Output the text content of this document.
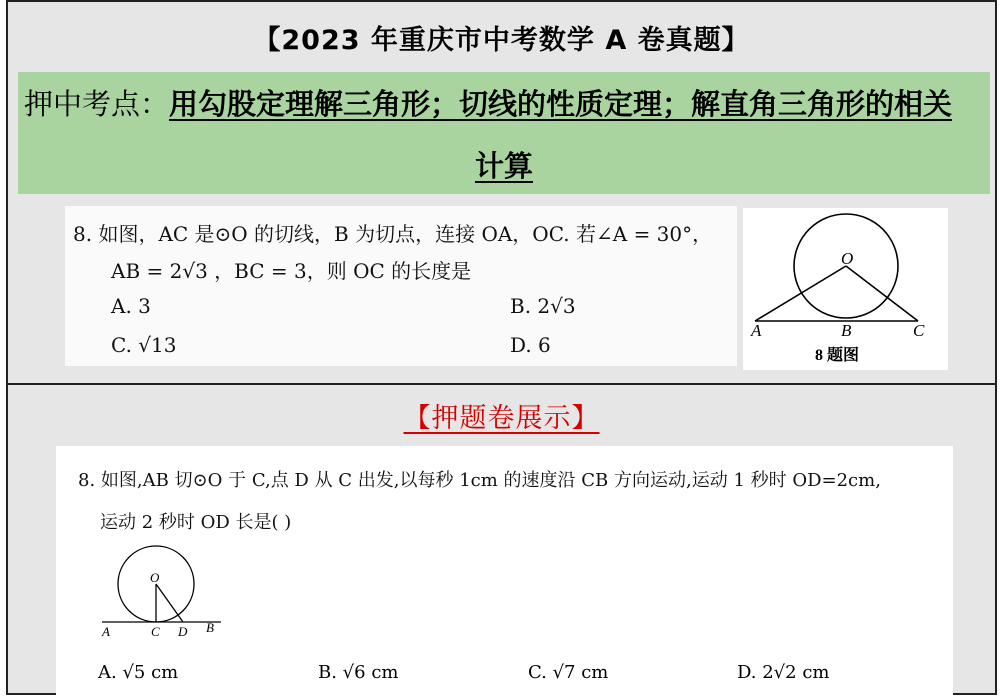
【2023 年重庆市中考数学 A 卷真题】
押中考点：用勾股定理解三角形；切线的性质定理；解直角三角形的相关
计算
8. 如图，AC 是⊙O 的切线，B 为切点，连接 OA，OC. 若∠A = 30°，
AB = 2√3 ，BC = 3，则 OC 的长度是
A. 3	B. 2√3
C. √13	D. 6
O
A	B	C
8 题图
【押题卷展示】
8. 如图,AB 切⊙O 于 C,点 D 从 C 出发,以每秒 1cm 的速度沿 CB 方向运动,运动 1 秒时 OD=2cm,
运动 2 秒时 OD 长是( )
O
A	C D B
A. √5 cm	B. √6 cm	C. √7 cm	D. 2√2 cm
